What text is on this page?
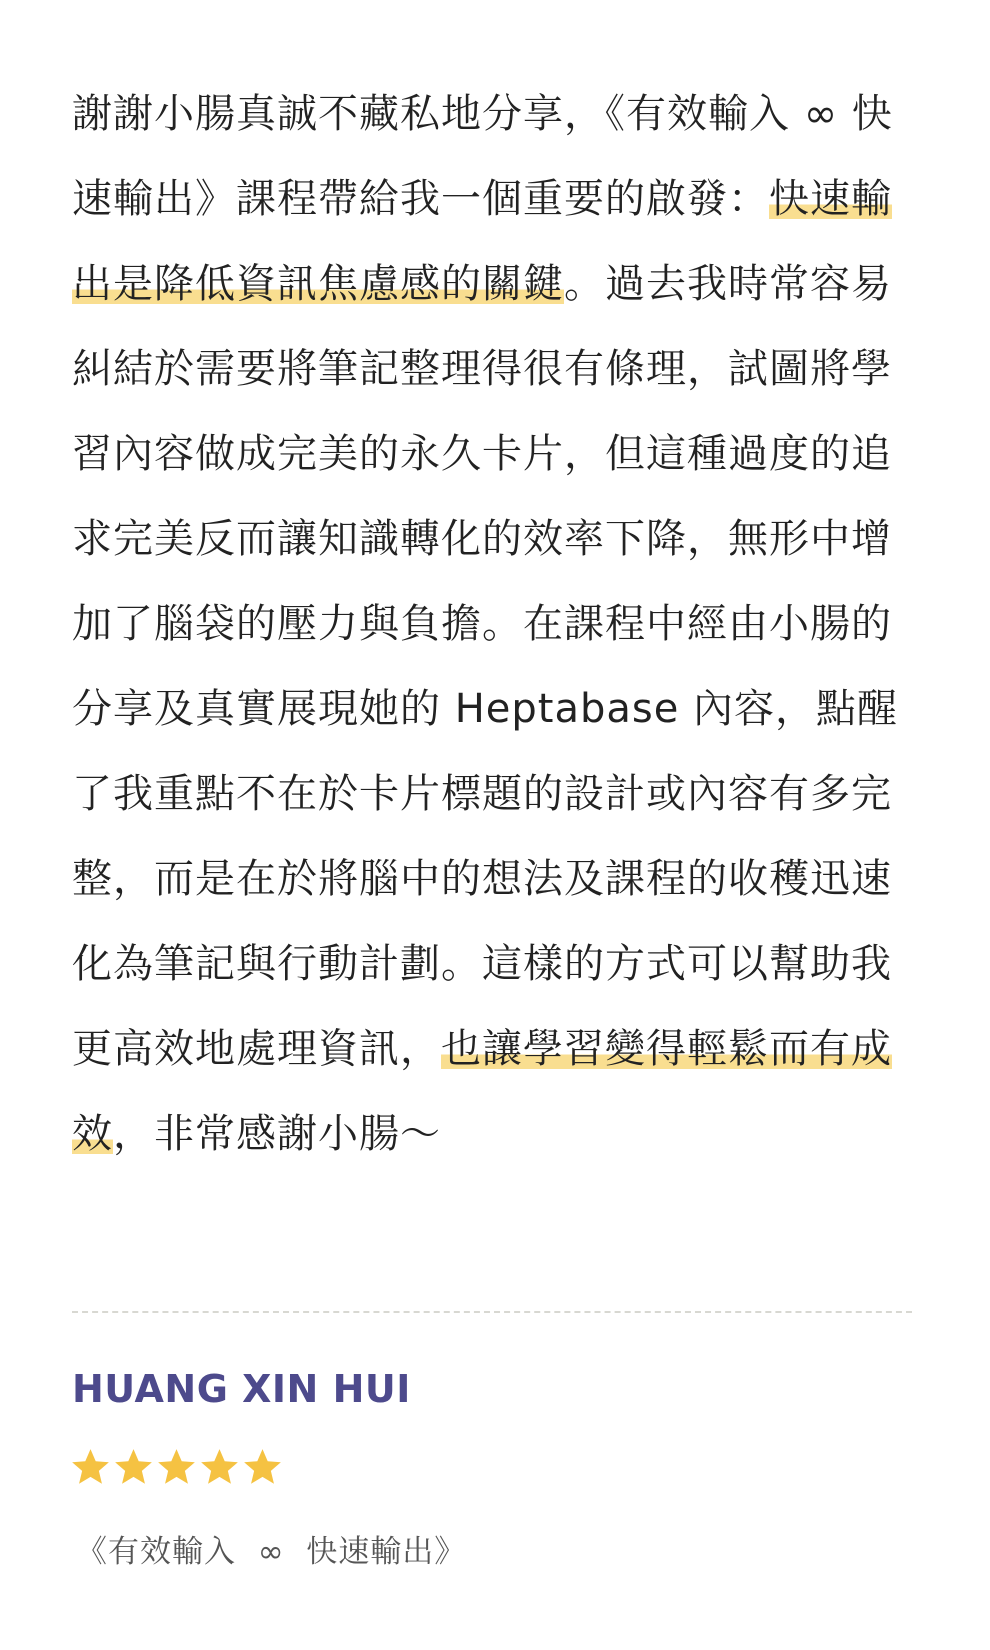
謝謝小腸真誠不藏私地分享，《有效輸入 ∞ 快速輸出》課程帶給我一個重要的啟發：快速輸出是降低資訊焦慮感的關鍵。過去我時常容易糾結於需要將筆記整理得很有條理，試圖將學習內容做成完美的永久卡片，但這種過度的追求完美反而讓知識轉化的效率下降，無形中增加了腦袋的壓力與負擔。在課程中經由小腸的分享及真實展現她的 Heptabase 內容，點醒了我重點不在於卡片標題的設計或內容有多完整，而是在於將腦中的想法及課程的收穫迅速化為筆記與行動計劃。這樣的方式可以幫助我更高效地處理資訊，也讓學習變得輕鬆而有成效，非常感謝小腸～

HUANG XIN HUI
《有效輸入  ∞  快速輸出》
